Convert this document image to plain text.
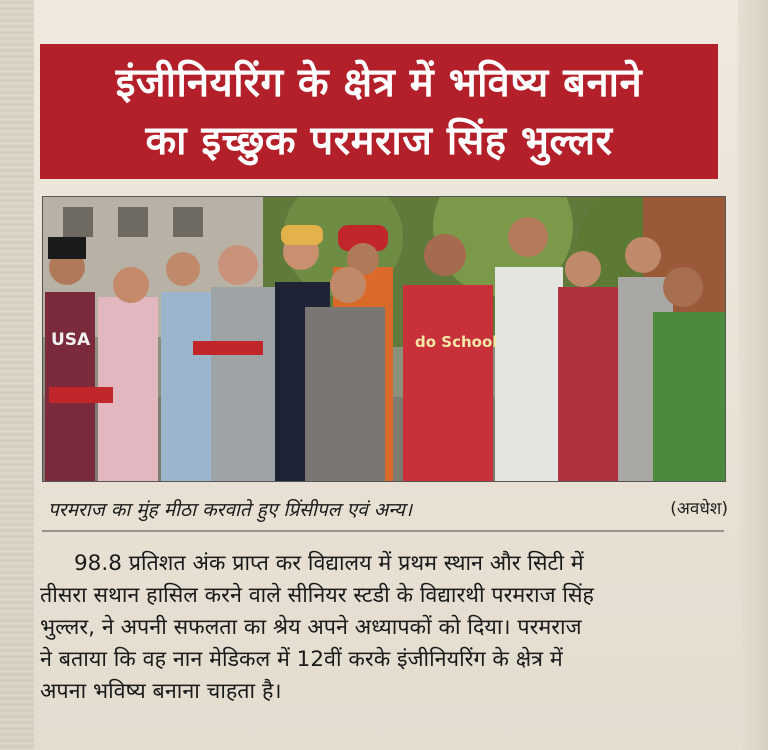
इंजीनियरिंग के क्षेत्र में भविष्य बनाने
का इच्छुक परमराज सिंह भुल्लर
USA	do School
परमराज का मुंह मीठा करवाते हुए प्रिंसीपल एवं अन्य।	(अवधेश)
98.8 प्रतिशत अंक प्राप्त कर विद्यालय में प्रथम स्थान और सिटी में
तीसरा सथान हासिल करने वाले सीनियर स्टडी के विद्यारथी परमराज सिंह
भुल्लर, ने अपनी सफलता का श्रेय अपने अध्यापकों को दिया। परमराज
ने बताया कि वह नान मेडिकल में 12वीं करके इंजीनियरिंग के क्षेत्र में
अपना भविष्य बनाना चाहता है।
